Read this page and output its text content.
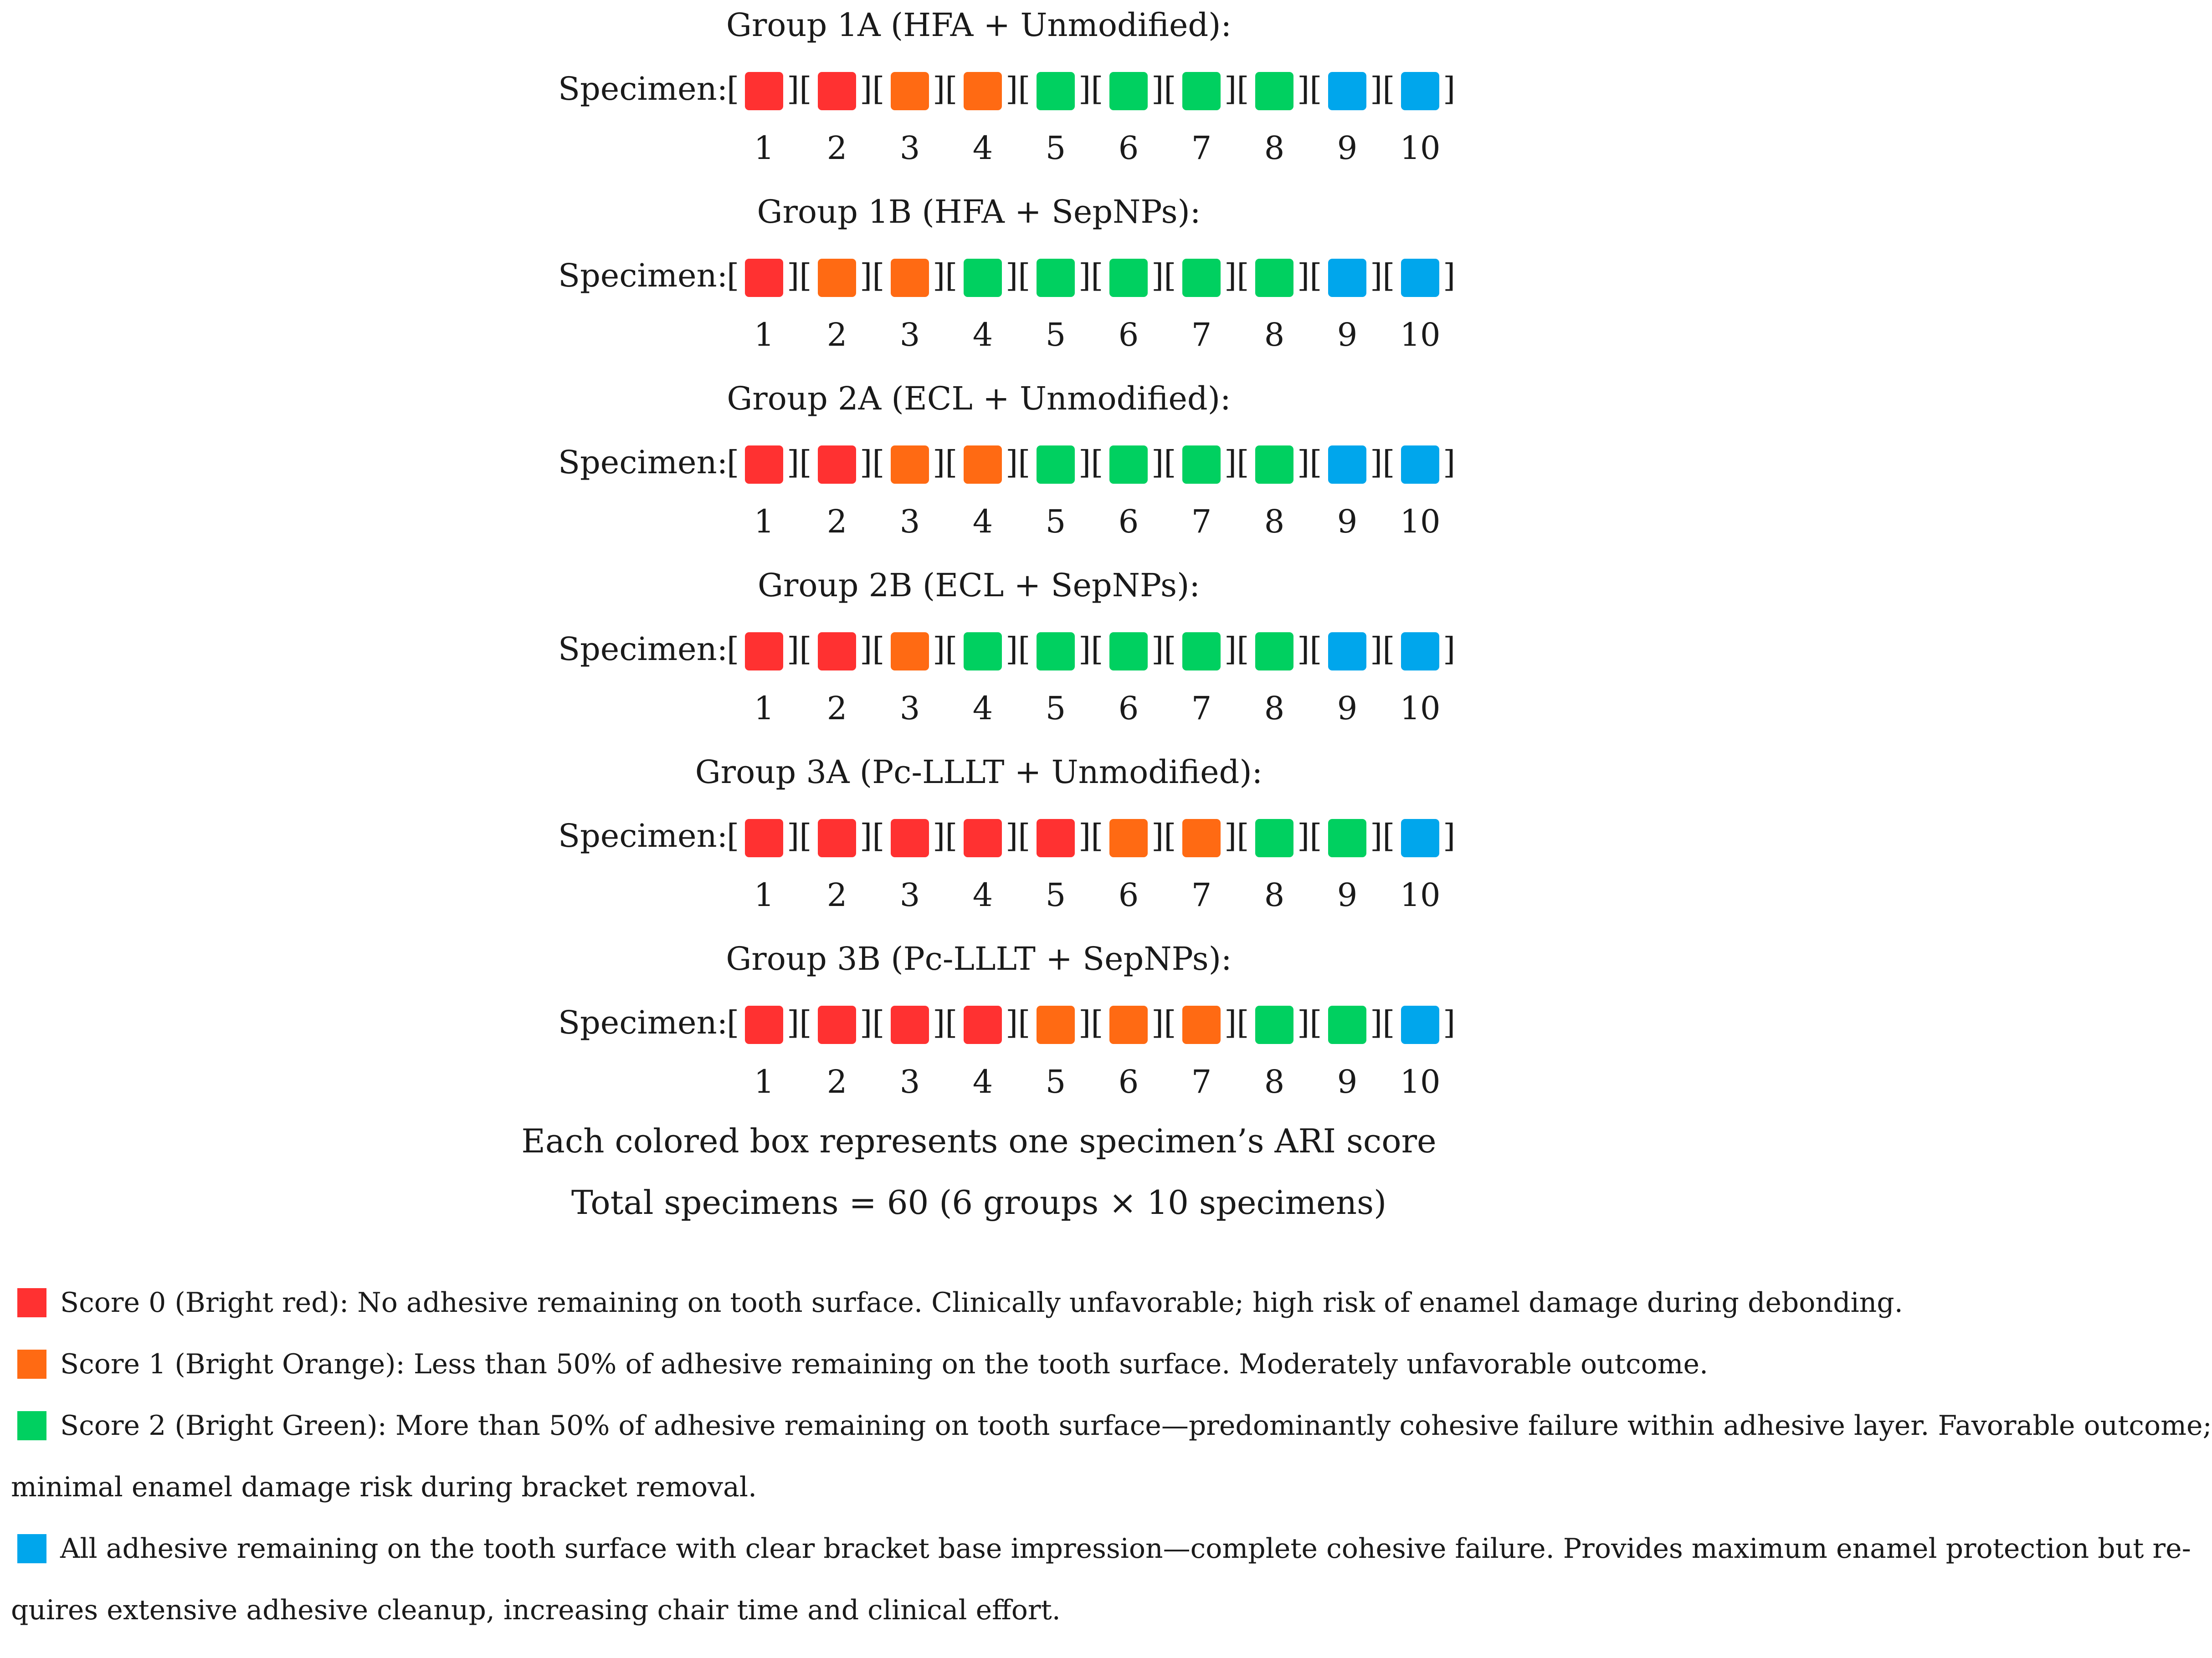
Group 1A (HFA + Unmodified):
Specimen:
[ ][ ][ ][ ][ ][ ][ ][ ][ ][ ]
1	2	3	4	5	6	7	8	9	10
Group 1B (HFA + SepNPs):
Specimen:
[ ][ ][ ][ ][ ][ ][ ][ ][ ][ ]
1	2	3	4	5	6	7	8	9	10
Group 2A (ECL + Unmodified):
Specimen:
[ ][ ][ ][ ][ ][ ][ ][ ][ ][ ]
1	2	3	4	5	6	7	8	9	10
Group 2B (ECL + SepNPs):
Specimen:
[ ][ ][ ][ ][ ][ ][ ][ ][ ][ ]
1	2	3	4	5	6	7	8	9	10
Group 3A (Pc-LLLT + Unmodified):
Specimen:
[ ][ ][ ][ ][ ][ ][ ][ ][ ][ ]
1	2	3	4	5	6	7	8	9	10
Group 3B (Pc-LLLT + SepNPs):
Specimen:
[ ][ ][ ][ ][ ][ ][ ][ ][ ][ ]
1	2	3	4	5	6	7	8	9	10
Each colored box represents one specimen’s ARI score
Total specimens = 60 (6 groups × 10 specimens)
Score 0 (Bright red): No adhesive remaining on tooth surface. Clinically unfavorable; high risk of enamel damage during debonding.
Score 1 (Bright Orange): Less than 50% of adhesive remaining on the tooth surface. Moderately unfavorable outcome.
Score 2 (Bright Green): More than 50% of adhesive remaining on tooth surface—predominantly cohesive failure within adhesive layer. Favorable outcome;
minimal enamel damage risk during bracket removal.
All adhesive remaining on the tooth surface with clear bracket base impression—complete cohesive failure. Provides maximum enamel protection but re-
quires extensive adhesive cleanup, increasing chair time and clinical effort.
